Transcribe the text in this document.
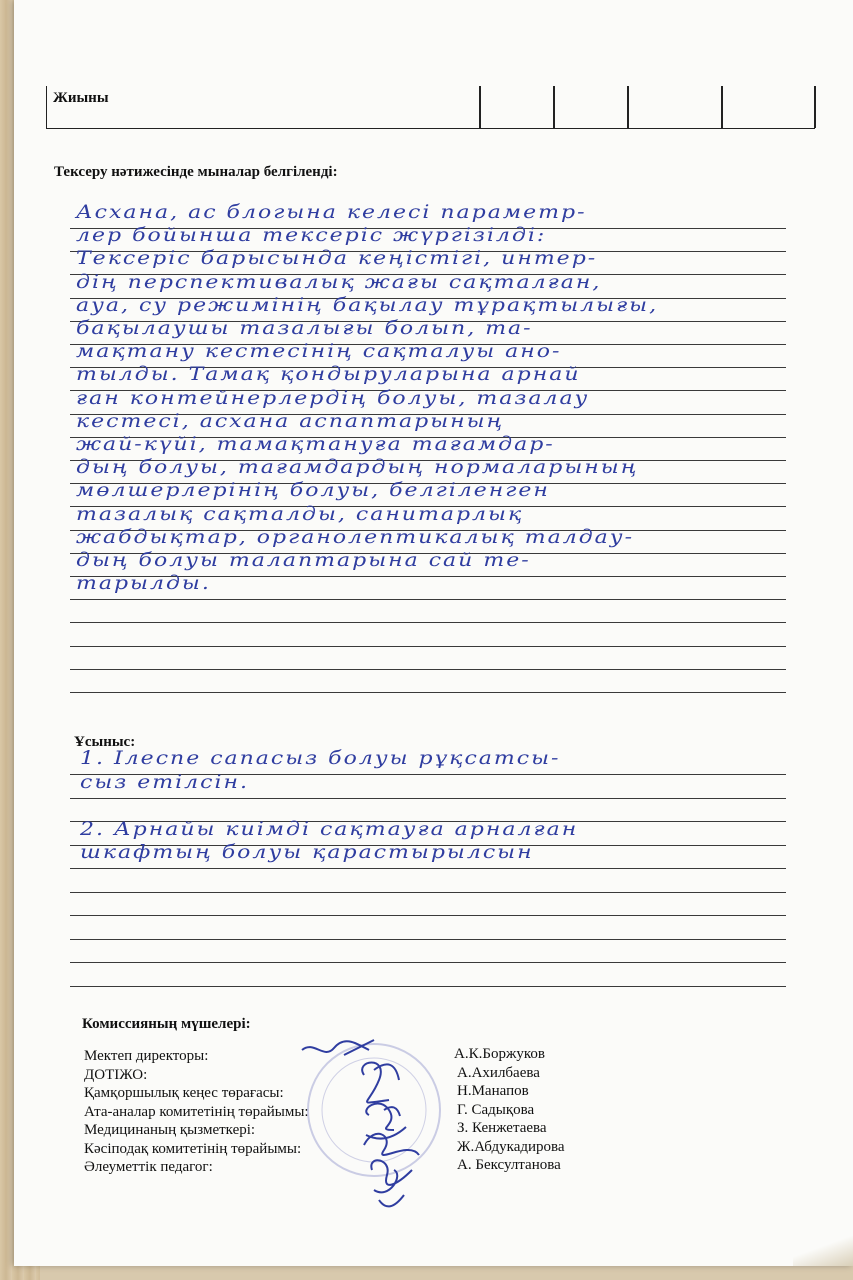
Жиыны
Тексеру нәтижесінде мыналар белгіленді:
Асхана, ас блогына келесі параметр-
лер бойынша тексеріс жүргізілді:
Тексеріс барысында кеңістігі, интер-
дің перспективалық жағы сақталған,
ауа, су режимінің бақылау тұрақтылығы,
бақылаушы тазалығы болып, та-
мақтану кестесінің сақталуы ано-
тылды. Тамақ қондыруларына арнай
ған контейнерлердің болуы, тазалау
кестесі, асхана аспаптарының
жай-күйі, тамақтануға тағамдар-
дың болуы, тағамдардың нормаларының
мөлшерлерінің болуы, белгіленген
тазалық сақталды, санитарлық
жабдықтар, органолептикалық талдау-
дың болуы талаптарына сай те-
тарылды.
Ұсыныс:
1. Ілеспе сапасыз болуы рұқсатсы-
сыз етілсін.
2. Арнайы киімді сақтауға арналған
шкафтың болуы қарастырылсын
Комиссияның мүшелері:
Мектеп директоры:	А.К.Боржуков
ДОТІЖО:	А.Ахилбаева
Қамқоршылық кеңес төрағасы:	Н.Манапов
Ата-аналар комитетінің төрайымы:	Г. Садықова
Медицинаның қызметкері:	З. Кенжетаева
Кәсіподақ комитетінің төрайымы:	Ж.Абдукадирова
Әлеуметтік педагог:	А. Бексултанова
